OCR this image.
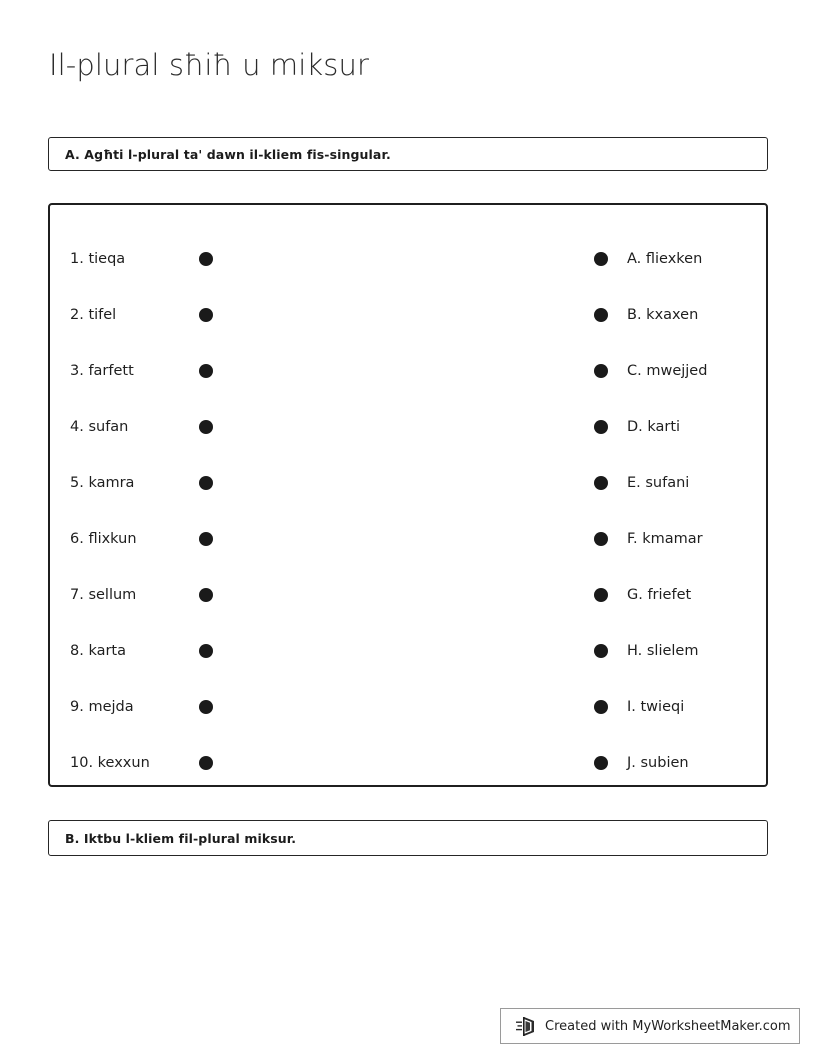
Il-plural sħiħ u miksur
A. Agħti l-plural ta' dawn il-kliem fis-singular.
1. tieqa	A. fliexken
2. tifel	B. kxaxen
3. farfett	C. mwejjed
4. sufan	D. karti
5. kamra	E. sufani
6. flixkun	F. kmamar
7. sellum	G. friefet
8. karta	H. slielem
9. mejda	I. twieqi
10. kexxun	J. subien
B. Iktbu l-kliem fil-plural miksur.
Created with MyWorksheetMaker.com
